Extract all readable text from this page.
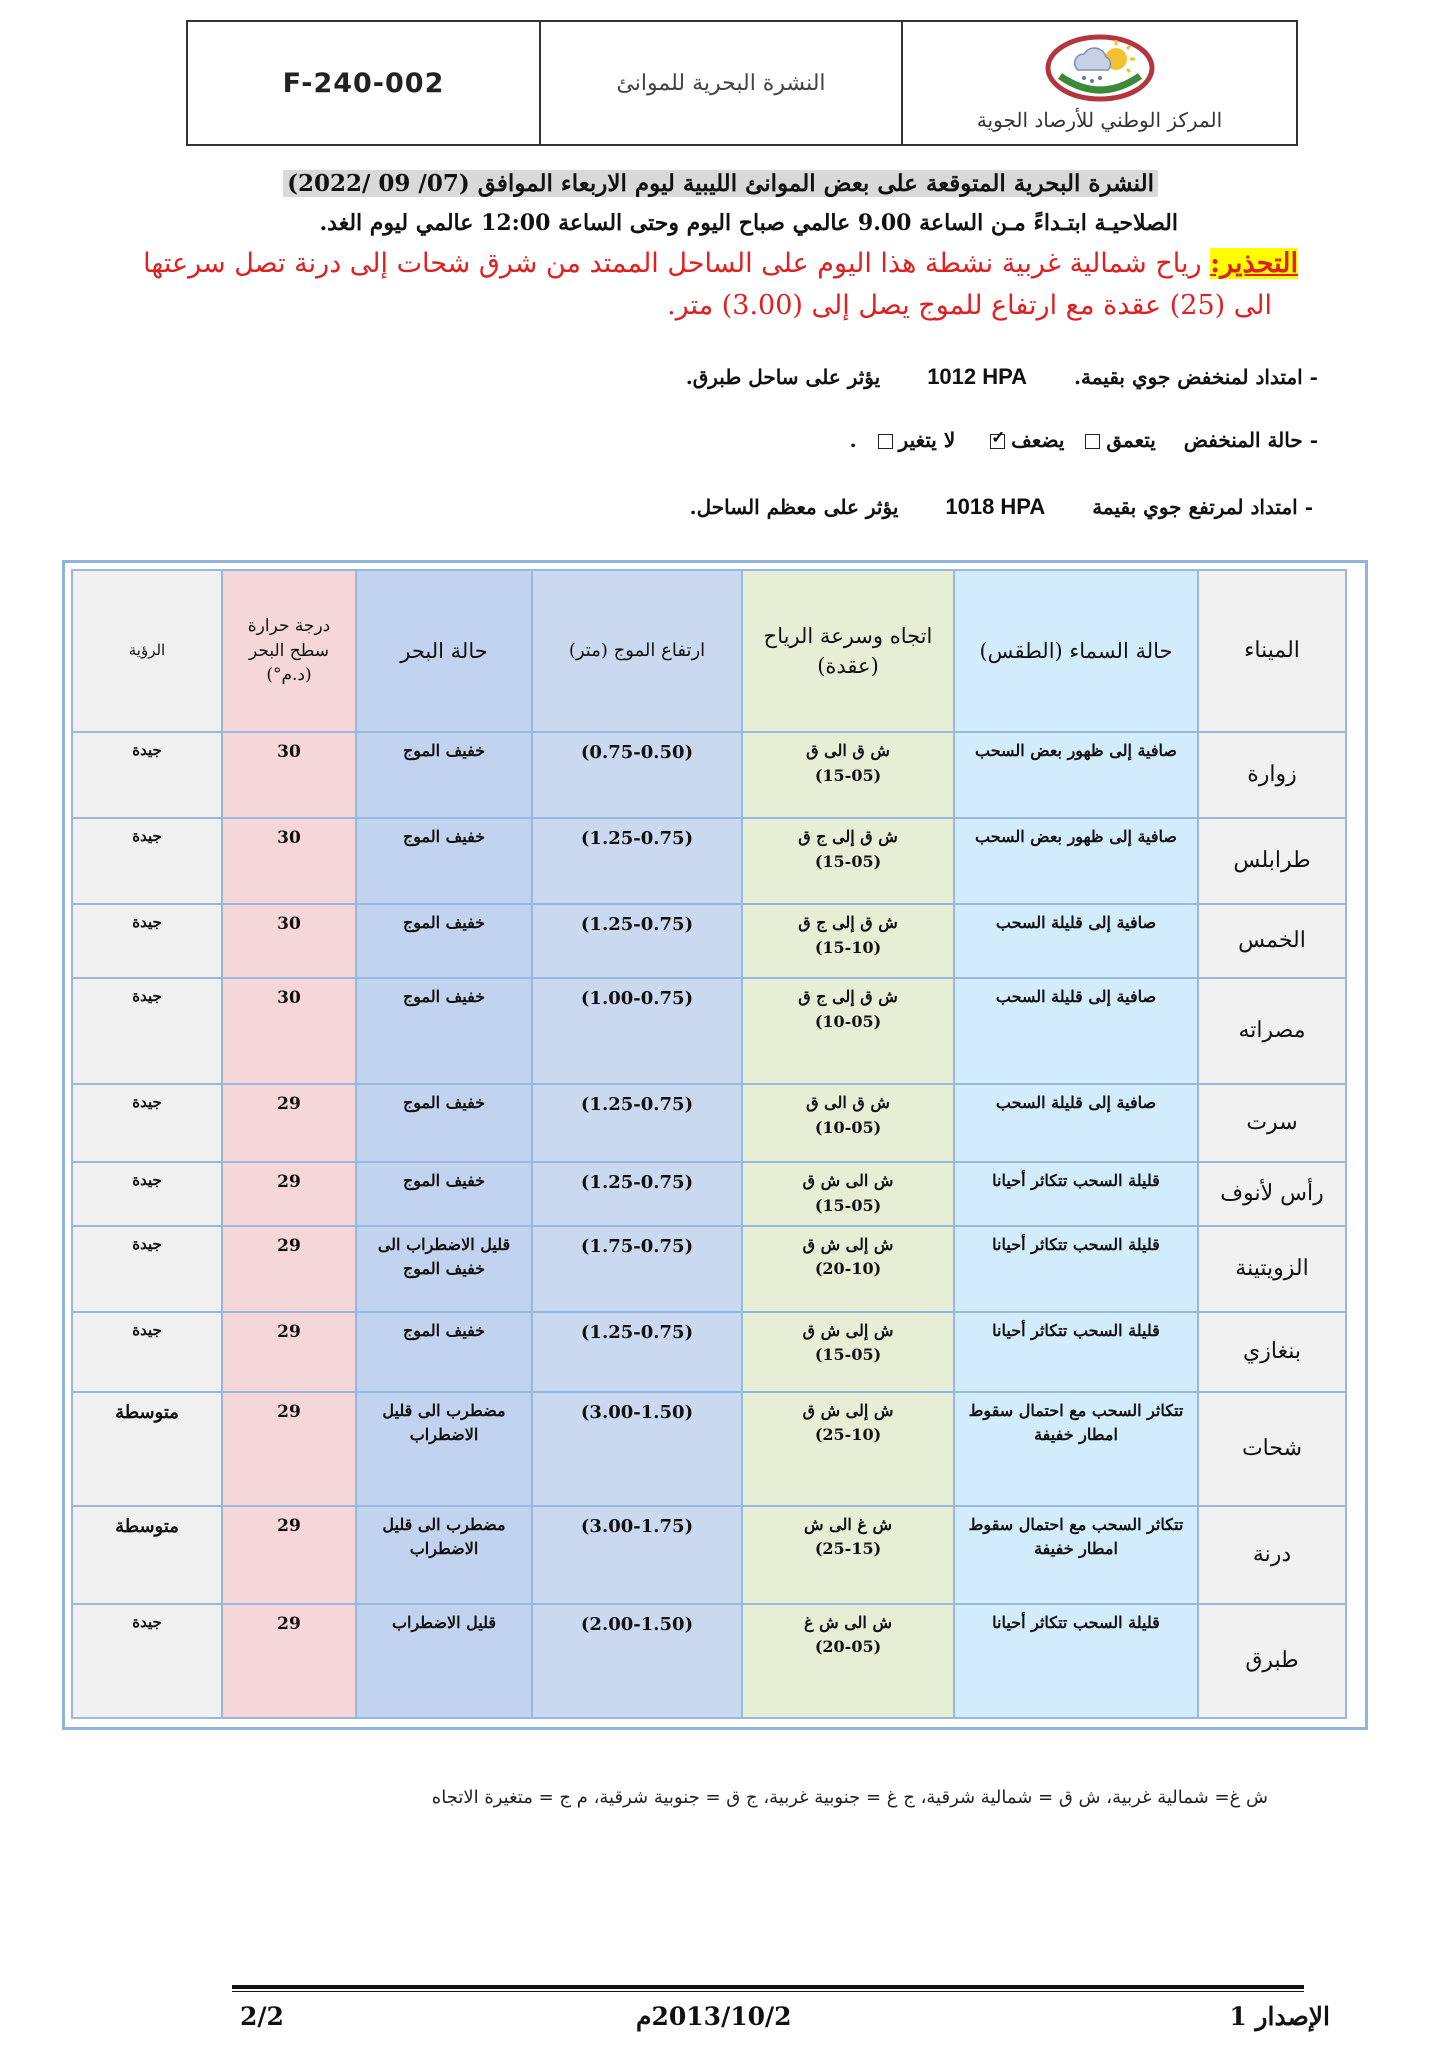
المركز الوطني للأرصاد الجوية
النشرة البحرية للموانئ
F-240-002
النشرة البحرية المتوقعة على بعض الموانئ الليبية ليوم الاربعاء الموافق (07/ 09 /2022)
الصلاحيـة ابتـداءً مـن الساعة 9.00 عالمي صباح اليوم وحتى الساعة 12:00 عالمي ليوم الغد.
التحذير: رياح شمالية غربية نشطة هذا اليوم على الساحل الممتد من شرق شحات إلى درنة تصل سرعتها
الى (25) عقدة مع ارتفاع للموج يصل إلى (3.00) متر.
- امتداد لمنخفض جوي بقيمة. 1012 HPA يؤثر على ساحل طبرق.
- حالة المنخفض    يتعمق يضعف✓   لا يتغير .
- امتداد لمرتفع جوي بقيمة 1018 HPA يؤثر على معظم الساحل.
الميناء	حالة السماء (الطقس)	اتجاه وسرعة الرياح (عقدة)	ارتفاع الموج (متر)	حالة البحر	درجة حرارة سطح البحر (د.م°)	الرؤية
زوارة	صافية إلى ظهور بعض السحب	ش ق الى ق
(15-05)	(0.75-0.50)	خفيف الموج	30	جيدة
طرابلس	صافية إلى ظهور بعض السحب	ش ق إلى ج ق
(15-05)	(1.25-0.75)	خفيف الموج	30	جيدة
الخمس	صافية إلى قليلة السحب	ش ق إلى ج ق
(15-10)	(1.25-0.75)	خفيف الموج	30	جيدة
مصراته	صافية إلى قليلة السحب	ش ق إلى ج ق
(10-05)	(1.00-0.75)	خفيف الموج	30	جيدة
سرت	صافية إلى قليلة السحب	ش ق الى ق
(10-05)	(1.25-0.75)	خفيف الموج	29	جيدة
رأس لأنوف	قليلة السحب تتكاثر أحيانا	ش الى ش ق
(15-05)	(1.25-0.75)	خفيف الموج	29	جيدة
الزويتينة	قليلة السحب تتكاثر أحيانا	ش إلى ش ق
(20-10)	(1.75-0.75)	قليل الاضطراب الى خفيف الموج	29	جيدة
بنغازي	قليلة السحب تتكاثر أحيانا	ش إلى ش ق
(15-05)	(1.25-0.75)	خفيف الموج	29	جيدة
شحات	تتكاثر السحب مع احتمال سقوط امطار خفيفة	ش إلى ش ق
(25-10)	(3.00-1.50)	مضطرب الى قليل الاضطراب	29	متوسطة
درنة	تتكاثر السحب مع احتمال سقوط امطار خفيفة	ش غ الى ش
(25-15)	(3.00-1.75)	مضطرب الى قليل الاضطراب	29	متوسطة
طبرق	قليلة السحب تتكاثر أحيانا	ش الى ش غ
(20-05)	(2.00-1.50)	قليل الاضطراب	29	جيدة
ش غ= شمالية غربية، ش ق = شمالية شرقية، ج غ = جنوبية غربية، ج ق = جنوبية شرقية، م ج = متغيرة الاتجاه
الإصدار 1
2013/10/2م
2/2
